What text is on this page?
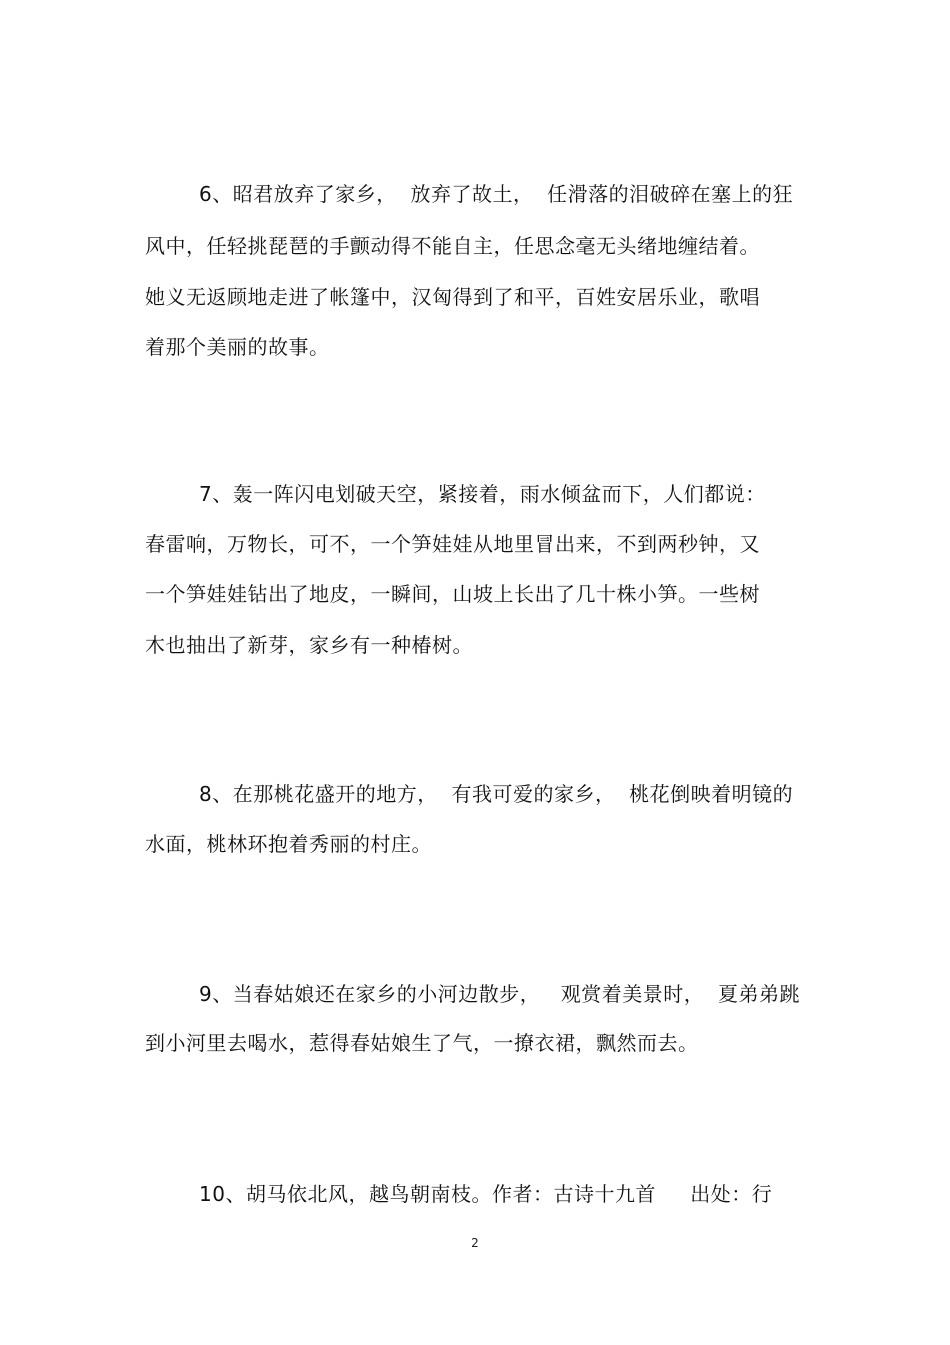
6、昭君放弃了家乡，  放弃了故土，  任滑落的泪破碎在塞上的狂
风中，任轻挑琵琶的手颤动得不能自主，任思念毫无头绪地缠结着。
她义无返顾地走进了帐篷中，汉匈得到了和平，百姓安居乐业，歌唱
着那个美丽的故事。
7、轰一阵闪电划破天空，紧接着，雨水倾盆而下，人们都说：
春雷响，万物长，可不，一个笋娃娃从地里冒出来，不到两秒钟，又
一个笋娃娃钻出了地皮，一瞬间，山坡上长出了几十株小笋。一些树
木也抽出了新芽，家乡有一种椿树。
8、在那桃花盛开的地方，  有我可爱的家乡，  桃花倒映着明镜的
水面，桃林环抱着秀丽的村庄。
9、当春姑娘还在家乡的小河边散步，   观赏着美景时，  夏弟弟跳
到小河里去喝水，惹得春姑娘生了气，一撩衣裙，飘然而去。
10、胡马依北风，越鸟朝南枝。作者：古诗十九首     出处：行
2
